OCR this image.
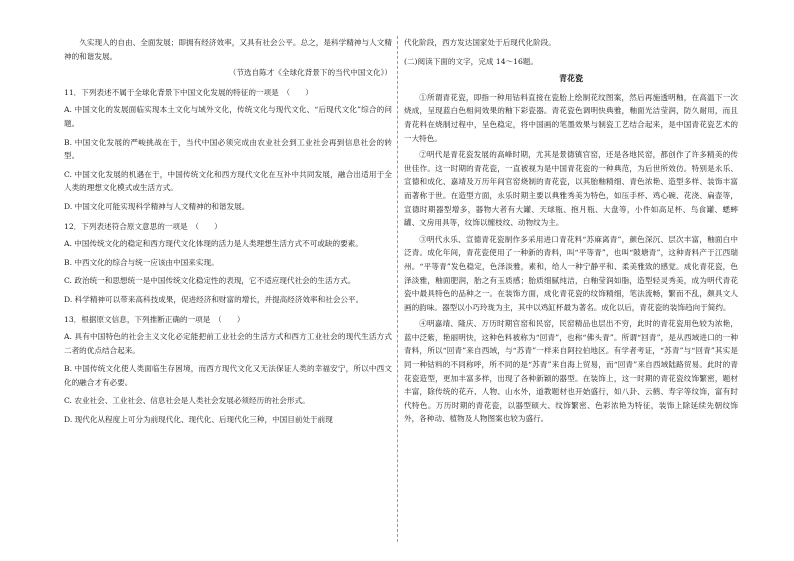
久实现人的自由、全面发展；即拥有经济效率，又具有社会公平。总之，是科学精神与人文精神的和谐发展。

（节选自陈才《全球化背景下的当代中国文化》）

11．下列表述不属于全球化背景下中国文化发展的特征的一项是　（　　）

A. 中国文化的发展面临实现本土文化与域外文化，传统文化与现代文化、“后现代文化”综合的问题。

B. 中国文化发展的严峻挑战在于，当代中国必须完成由农业社会到工业社会再到信息社会的转型。

C. 中国文化发展的机遇在于，中国传统文化和西方现代文化在互补中共同发展，融合出适用于全人类的理想文化模式或生活方式。

D. 中国文化可能实现科学精神与人文精神的和谐发展。

12．下列表述符合原文意思的一项是　（　　）

A. 中国传统文化的稳定和西方现代文化体现的活力是人类理想生活方式不可或缺的要素。

B. 中西文化的综合与统一应该由中国来实现。

C. 政治统一和思想统一是中国传统文化稳定性的表现，它不适应现代社会的生活方式。

D. 科学精神可以带来高科技成果，促进经济和财富的增长，并提高经济效率和社会公平。

13．根据原文信息，下列推断正确的一项是　（　　）

A. 具有中国特色的社会主义文化必定能把前工业社会的生活方式和西方工业社会的现代生活方式二者的优点结合起来。

B. 中国传统文化使人类面临生存困境，而西方现代文化又无法保证人类的幸福安宁，所以中西文化的融合才有必要。

C. 农业社会、工业社会、信息社会是人类社会发展必须经历的社会形式。

D. 现代化从程度上可分为前现代化、现代化、后现代化三种，中国目前处于前现

代化阶段，西方发达国家处于后现代化阶段。

(二)阅读下面的文字，完成 14～16题。

青花瓷

①所谓青花瓷，即指一种用钴料直接在瓷胎上绘制花纹图案，然后再施透明釉，在高温下一次烧成，呈现蓝白色相间效果的釉下彩瓷器。青花瓷色调明快典雅，釉面光洁莹润，防久耐用，而且青花料在烧制过程中，呈色稳定，将中国画的笔墨效果与制瓷工艺结合起来，是中国青花瓷艺术的一大特色。

②明代是青花瓷发展的高峰时期，尤其是景德镇官窑，还是各地民窑，都创作了许多精美的传世佳作。这一时期的青花瓷，一直被视为是中国青花瓷的一种典范，为后世所效仿。特别是永乐、宣德和成化、嘉靖及万历年间官窑烧制的青花瓷，以其胎釉精细、青色浓艳、造型多样、装饰丰富而著称于世。在造型方面，永乐时期主要以典雅秀美为特色，如压手杯、鸡心碗、花浇、扁壶等，宣德时期器型增多，器物大者有大罐、天球瓶、抱月瓶、大盘等，小件如高足杯、鸟食罐、蟋蟀罐、文房用具等，纹饰以缠枝纹、动物纹为主。

③明代永乐、宣德青花瓷制作多采用进口青花料“苏麻离青”，颜色深沉、层次丰富，釉面白中泛青。成化年间，青花瓷使用了一种新的青料，叫“平等青”，也叫“陂塘青”，这种青料产于江西瑞州。“平等青”发色稳定，色泽淡雅，素和，给人一种宁静平和、柔美雅致的感觉。成化青花瓷，色泽淡雅，釉面肥润，胎之有玉质感；胎质细腻纯洁，白釉莹润如脂，造型轻灵秀美，成为明代青花瓷中最具特色的品种之一。在装饰方面，成化青花瓷的纹饰精细，笔法流畅，繁而不乱，颇具文人画的韵味。器型以小巧玲珑为主，其中以鸡缸杯最为著名。成化以后，青花瓷的装饰趋向于简约。

④明嘉靖、隆庆、万历时期官窑和民窑，民窑精品也层出不穷，此时的青花瓷用色较为浓艳，蓝中泛紫，艳丽明快，这种色料被称为“回青”，也称“佛头青”。所谓“回青”，是从西域进口的一种青料，所以“回青”来自西域，与“苏青”一样来自阿拉伯地区。有学者考证，“苏青”与“回青”其实是同一种钴料的不同称呼，所不同的是“苏青”来自海上贸易，而“回青”来自西域陆路贸易。此时的青花瓷造型，更加丰富多样，出现了各种新颖的器型。在装饰上，这一时期的青花瓷纹饰繁密，题材丰富，除传统的花卉、人物、山水外，道教题材也开始盛行，如八卦、云鹤、寿字等纹饰，富有时代特色。万历时期的青花瓷，以器型硕大、纹饰繁密、色彩浓艳为特征，装饰上除延续先朝纹饰外，各种动、植物及人物图案也较为盛行。
